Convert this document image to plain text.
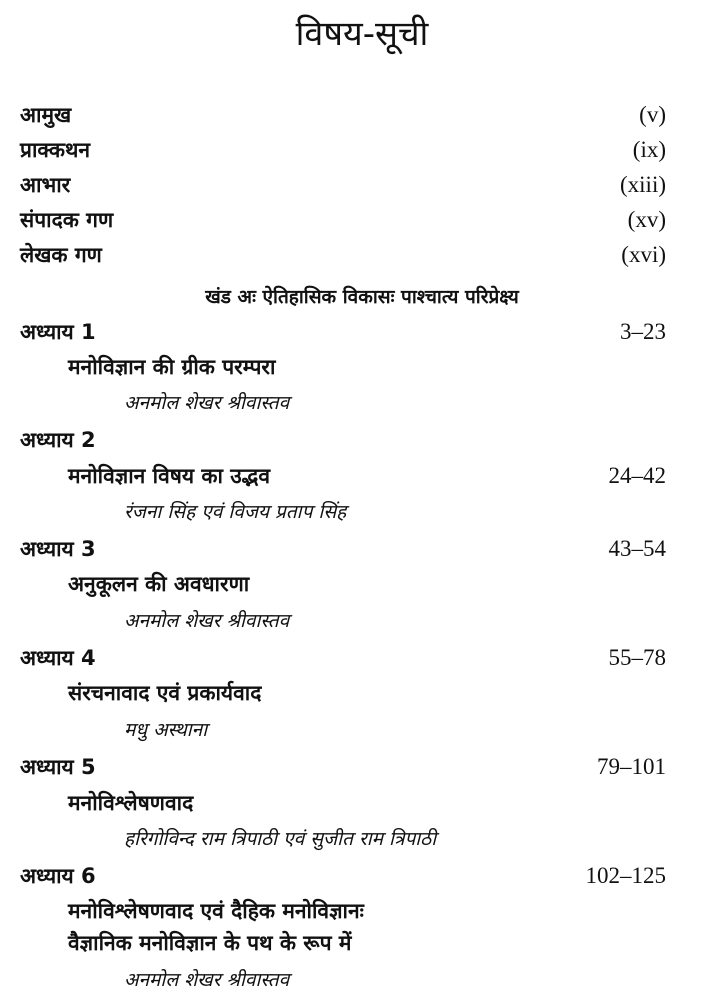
विषय-सूची
आमुख	(v)
प्राक्कथन	(ix)
आभार	(xiii)
संपादक गण	(xv)
लेखक गण	(xvi)
खंड अः ऐतिहासिक विकासः पाश्चात्य परिप्रेक्ष्य
अध्याय 1	3–23
मनोविज्ञान की ग्रीक परम्परा
अनमोल शेखर श्रीवास्तव
अध्याय 2
मनोविज्ञान विषय का उद्भव	24–42
रंजना सिंह एवं विजय प्रताप सिंह
अध्याय 3	43–54
अनुकूलन की अवधारणा
अनमोल शेखर श्रीवास्तव
अध्याय 4	55–78
संरचनावाद एवं प्रकार्यवाद
मधु अस्थाना
अध्याय 5	79–101
मनोविश्लेषणवाद
हरिगोविन्द राम त्रिपाठी एवं सुजीत राम त्रिपाठी
अध्याय 6	102–125
मनोविश्लेषणवाद एवं दैहिक मनोविज्ञानः
वैज्ञानिक मनोविज्ञान के पथ के रूप में
अनमोल शेखर श्रीवास्तव
